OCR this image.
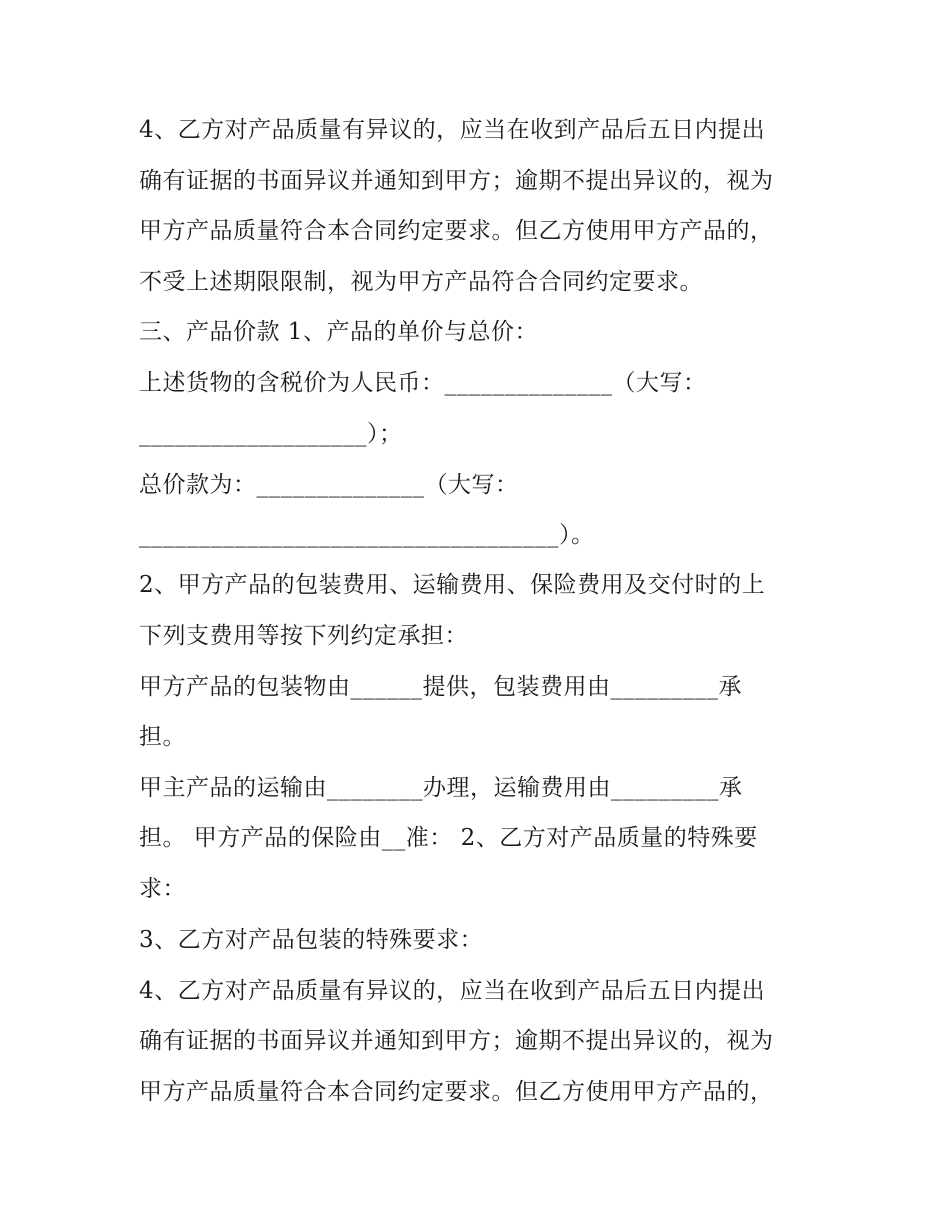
4、乙方对产品质量有异议的，应当在收到产品后五日内提出
确有证据的书面异议并通知到甲方；逾期不提出异议的，视为
甲方产品质量符合本合同约定要求。但乙方使用甲方产品的，
不受上述期限限制，视为甲方产品符合合同约定要求。
三、产品价款 1、产品的单价与总价：
上述货物的含税价为人民币：______________（大写：
___________________）；
总价款为：______________（大写：
___________________________________）。
2、甲方产品的包装费用、运输费用、保险费用及交付时的上
下列支费用等按下列约定承担：
甲方产品的包装物由______提供，包装费用由_________承
担。
甲主产品的运输由________办理，运输费用由_________承
担。 甲方产品的保险由__准： 2、乙方对产品质量的特殊要
求：
3、乙方对产品包装的特殊要求：
4、乙方对产品质量有异议的，应当在收到产品后五日内提出
确有证据的书面异议并通知到甲方；逾期不提出异议的，视为
甲方产品质量符合本合同约定要求。但乙方使用甲方产品的，
